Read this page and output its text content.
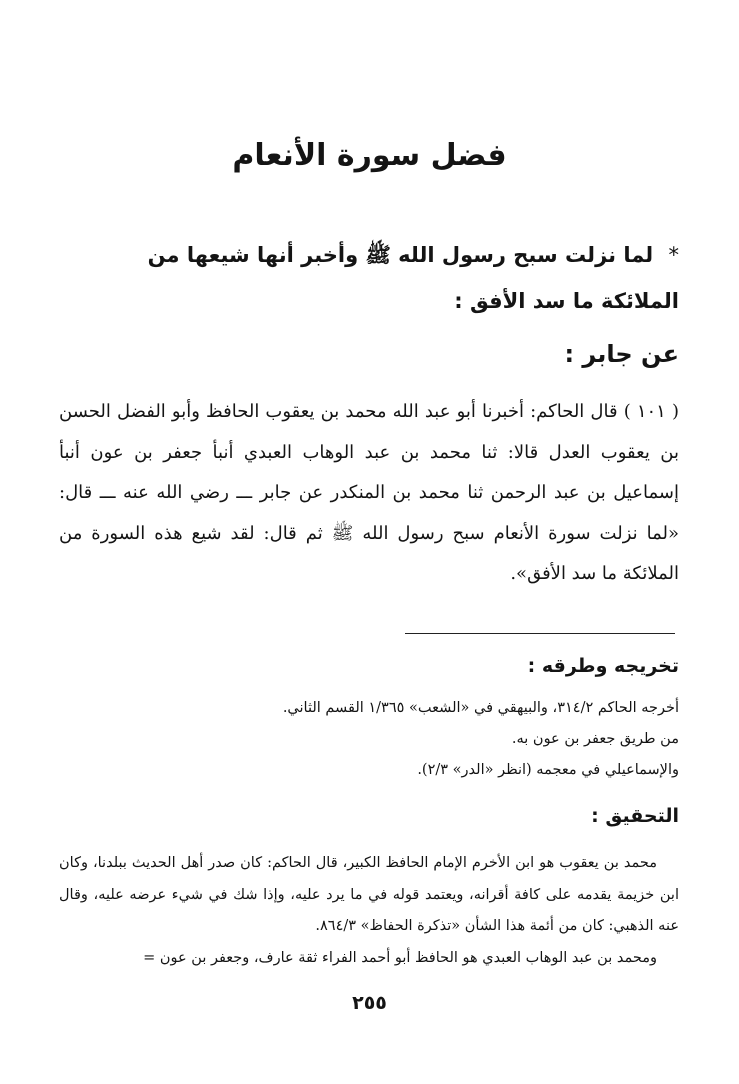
فضل سورة الأنعام
* لما نزلت سبح رسول الله ﷺ وأخبر أنها شيعها من الملائكة ما سد الأفق :
عن جابر :
( ١٠١ ) قال الحاكم: أخبرنا أبو عبد الله محمد بن يعقوب الحافظ وأبو الفضل الحسن بن يعقوب العدل قالا: ثنا محمد بن عبد الوهاب العبدي أنبأ جعفر بن عون أنبأ إسماعيل بن عبد الرحمن ثنا محمد بن المنكدر عن جابر ـــ رضي الله عنه ـــ قال: «لما نزلت سورة الأنعام سبح رسول الله ﷺ ثم قال: لقد شيع هذه السورة من الملائكة ما سد الأفق».
تخريجه وطرقه :
أخرجه الحاكم ٣١٤/٢، والبيهقي في «الشعب» ١/٣٦٥ القسم الثاني.
من طريق جعفر بن عون به.
والإسماعيلي في معجمه (انظر «الدر» ٢/٣).
التحقيق :

محمد بن يعقوب هو ابن الأخرم الإمام الحافظ الكبير، قال الحاكم: كان صدر أهل الحديث ببلدنا، وكان ابن خزيمة يقدمه على كافة أقرانه، ويعتمد قوله في ما يرد عليه، وإذا شك في شيء عرضه عليه، وقال عنه الذهبي: كان من أئمة هذا الشأن «تذكرة الحفاظ» ٨٦٤/٣.

ومحمد بن عبد الوهاب العبدي هو الحافظ أبو أحمد الفراء ثقة عارف، وجعفر بن عون =

٢٥٥
